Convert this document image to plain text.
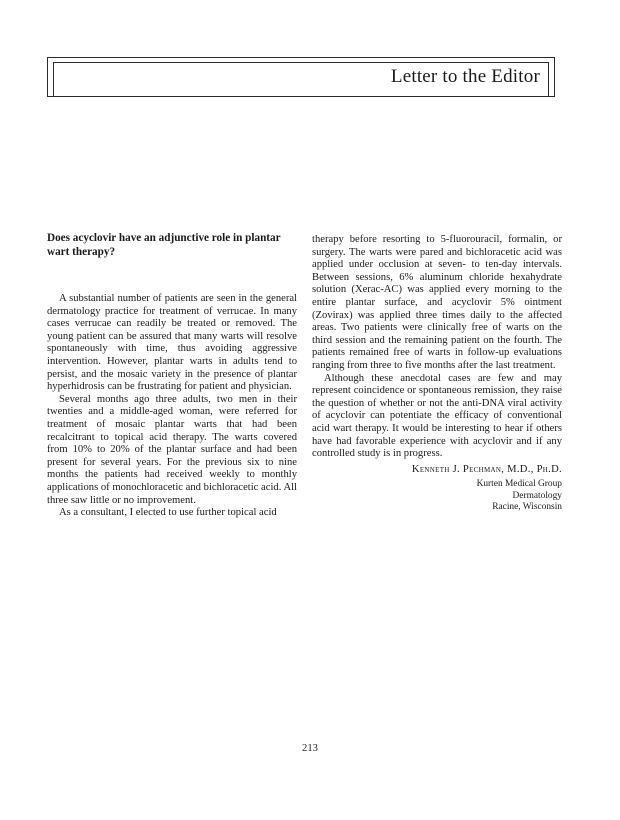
Letter to the Editor
Does acyclovir have an adjunctive role in plantar wart therapy?

A substantial number of patients are seen in the general dermatology practice for treatment of verrucae. In many cases verrucae can readily be treated or removed. The young patient can be assured that many warts will resolve spontaneously with time, thus avoiding aggressive intervention. However, plantar warts in adults tend to persist, and the mosaic variety in the presence of plantar hyperhidrosis can be frustrating for patient and physician.

Several months ago three adults, two men in their twenties and a middle-aged woman, were referred for treatment of mosaic plantar warts that had been recalcitrant to topical acid therapy. The warts covered from 10% to 20% of the plantar surface and had been present for several years. For the previous six to nine months the patients had received weekly to monthly applications of monochloracetic and bichloracetic acid. All three saw little or no improvement.

As a consultant, I elected to use further topical acid

therapy before resorting to 5-fluorouracil, formalin, or surgery. The warts were pared and bichloracetic acid was applied under occlusion at seven- to ten-day intervals. Between sessions, 6% aluminum chloride hexahydrate solution (Xerac-AC) was applied every morning to the entire plantar surface, and acyclovir 5% ointment (Zovirax) was applied three times daily to the affected areas. Two patients were clinically free of warts on the third session and the remaining patient on the fourth. The patients remained free of warts in follow-up evaluations ranging from three to five months after the last treatment.

Although these anecdotal cases are few and may represent coincidence or spontaneous remission, they raise the question of whether or not the anti-DNA viral activity of acyclovir can potentiate the efficacy of conventional acid wart therapy. It would be interesting to hear if others have had favorable experience with acyclovir and if any controlled study is in progress.

Kenneth J. Pechman, M.D., Ph.D.
Kurten Medical Group
Dermatology
Racine, Wisconsin
213
